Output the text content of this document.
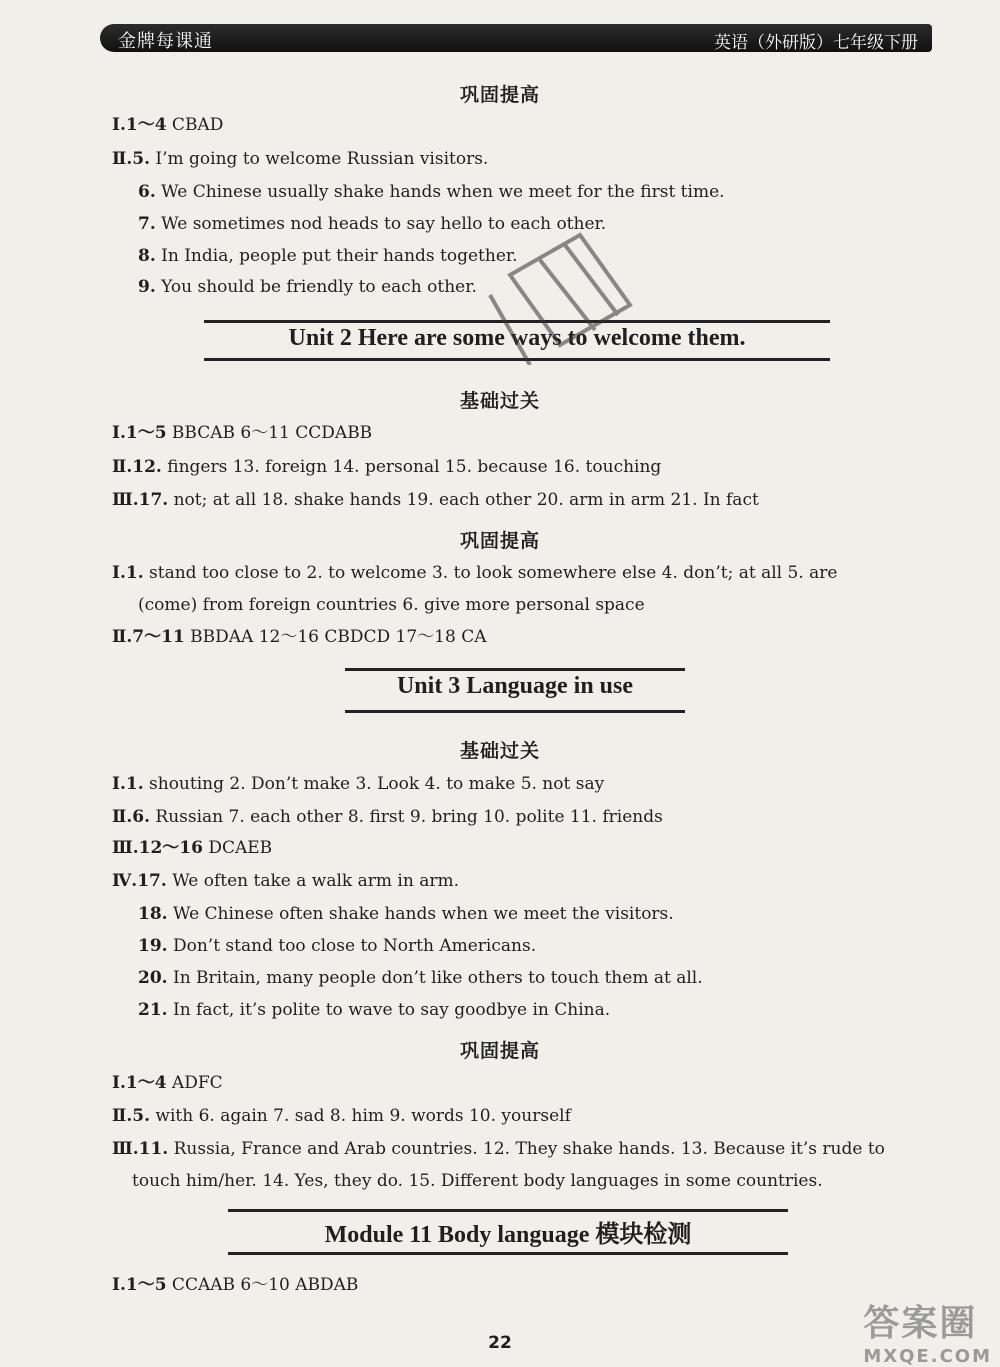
金牌每课通	英语（外研版）七年级下册
巩固提高
Ⅰ.1～4 CBAD
Ⅱ.5. I’m going to welcome Russian visitors.
6. We Chinese usually shake hands when we meet for the first time.
7. We sometimes nod heads to say hello to each other.
8. In India, people put their hands together.
9. You should be friendly to each other.
Unit 2 Here are some ways to welcome them.
基础过关
Ⅰ.1～5 BBCAB 6～11 CCDABB
Ⅱ.12. fingers 13. foreign 14. personal 15. because 16. touching
Ⅲ.17. not; at all 18. shake hands 19. each other 20. arm in arm 21. In fact
巩固提高
Ⅰ.1. stand too close to 2. to welcome 3. to look somewhere else 4. don’t; at all 5. are
(come) from foreign countries 6. give more personal space
Ⅱ.7～11 BBDAA 12～16 CBDCD 17～18 CA
Unit 3 Language in use
基础过关
Ⅰ.1. shouting 2. Don’t make 3. Look 4. to make 5. not say
Ⅱ.6. Russian 7. each other 8. first 9. bring 10. polite 11. friends
Ⅲ.12～16 DCAEB
Ⅳ.17. We often take a walk arm in arm.
18. We Chinese often shake hands when we meet the visitors.
19. Don’t stand too close to North Americans.
20. In Britain, many people don’t like others to touch them at all.
21. In fact, it’s polite to wave to say goodbye in China.
巩固提高
Ⅰ.1～4 ADFC
Ⅱ.5. with 6. again 7. sad 8. him 9. words 10. yourself
Ⅲ.11. Russia, France and Arab countries. 12. They shake hands. 13. Because it’s rude to
touch him/her. 14. Yes, they do. 15. Different body languages in some countries.
Module 11 Body language 模块检测
Ⅰ.1～5 CCAAB 6～10 ABDAB
22	答案圈
MXQE.COM
